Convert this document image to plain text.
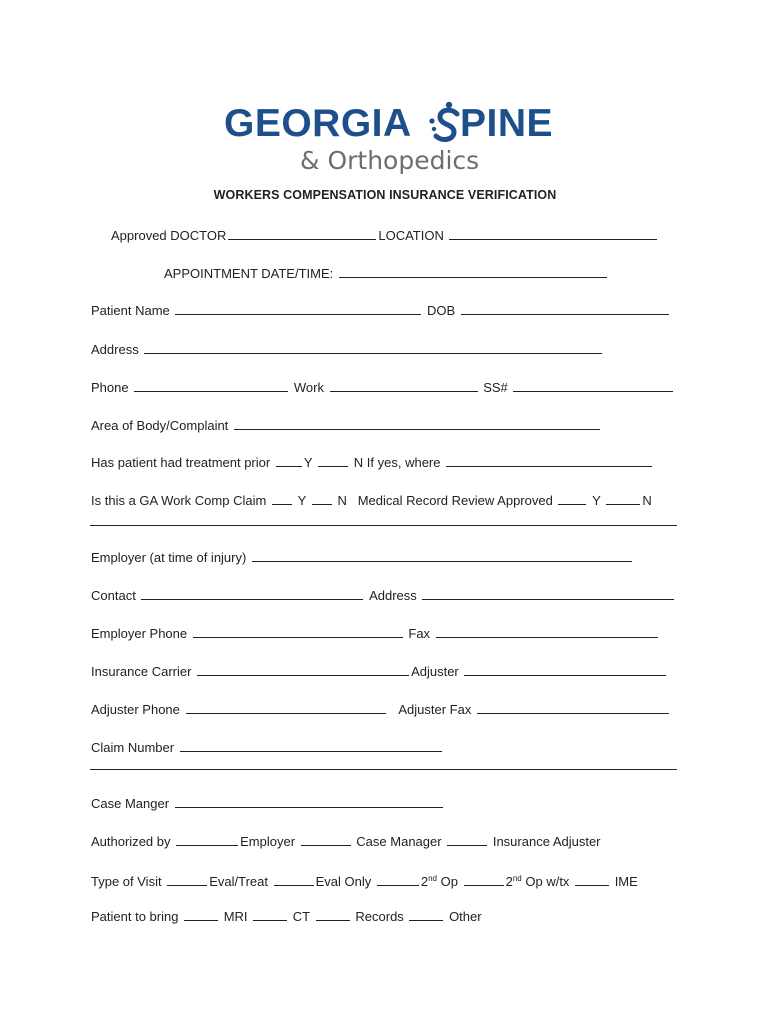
GEORGIA PINE
& Orthopedics
WORKERS COMPENSATION INSURANCE VERIFICATION
Approved DOCTOR	LOCATION
APPOINTMENT DATE/TIME:
Patient Name	DOB
Address
Phone	Work	SS#
Area of Body/Complaint
Has patient had treatment prior	Y	N If yes, where
Is this a GA Work Comp Claim Y N Medical Record Review Approved	Y	N
Employer (at time of injury)
Contact	Address
Employer Phone	Fax
Insurance Carrier	Adjuster
Adjuster Phone	Adjuster Fax
Claim Number
Case Manger
Authorized by	Employer	Case Manager	Insurance Adjuster
Type of Visit	Eval/Treat	Eval Only	2nd Op	2nd Op w/tx	IME
Patient to bring	MRI	CT	Records	Other
